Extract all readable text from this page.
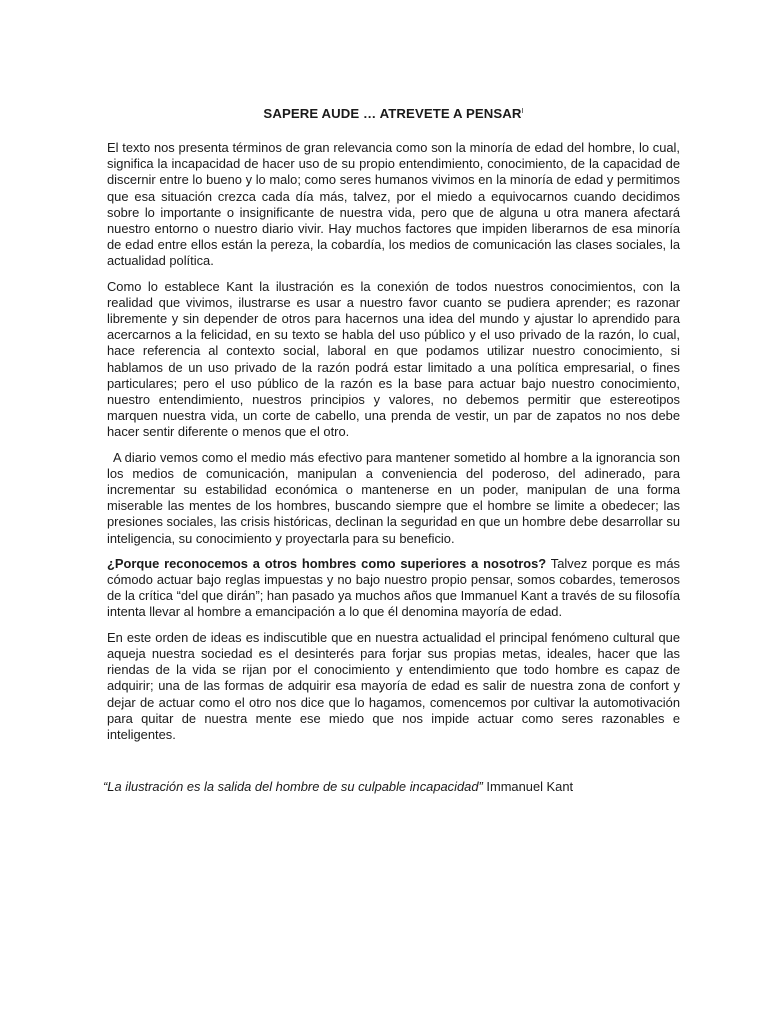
SAPERE AUDE … ATREVETE A $PENSAR^I$

El texto nos presenta términos de gran relevancia como son la minoría de edad del hombre, lo cual, significa la incapacidad de hacer uso de su propio entendimiento, conocimiento, de la capacidad de discernir entre lo bueno y lo malo; como seres humanos vivimos en la minoría de edad y permitimos que esa situación crezca cada día más, talvez, por el miedo a equivocarnos cuando decidimos sobre lo importante o insignificante de nuestra vida, pero que de alguna u otra manera afectará nuestro entorno o nuestro diario vivir. Hay muchos factores que impiden liberarnos de esa minoría de edad entre ellos están la pereza, la cobardía, los medios de comunicación las clases sociales, la actualidad política.

Como lo establece Kant la ilustración es la conexión de todos nuestros conocimientos, con la realidad que vivimos, ilustrarse es usar a nuestro favor cuanto se pudiera aprender; es razonar libremente y sin depender de otros para hacernos una idea del mundo y ajustar lo aprendido para acercarnos a la felicidad, en su texto se habla del uso público y el uso privado de la razón, lo cual, hace referencia al contexto social, laboral en que podamos utilizar nuestro conocimiento, si hablamos de un uso privado de la razón podrá estar limitado a una política empresarial, o fines particulares; pero el uso público de la razón es la base para actuar bajo nuestro conocimiento, nuestro entendimiento, nuestros principios y valores, no debemos permitir que estereotipos marquen nuestra vida, un corte de cabello, una prenda de vestir, un par de zapatos no nos debe hacer sentir diferente o menos que el otro.

A diario vemos como el medio más efectivo para mantener sometido al hombre a la ignorancia son los medios de comunicación, manipulan a conveniencia del poderoso, del adinerado, para incrementar su estabilidad económica o mantenerse en un poder, manipulan de una forma miserable las mentes de los hombres, buscando siempre que el hombre se limite a obedecer; las presiones sociales, las crisis históricas, declinan la seguridad en que un hombre debe desarrollar su inteligencia, su conocimiento y proyectarla para su beneficio.

¿Porque reconocemos a otros hombres como superiores a nosotros? Talvez porque es más cómodo actuar bajo reglas impuestas y no bajo nuestro propio pensar, somos cobardes, temerosos de la crítica “del que dirán”; han pasado ya muchos años que Immanuel Kant a través de su filosofía intenta llevar al hombre a emancipación a lo que él denomina mayoría de edad.

En este orden de ideas es indiscutible que en nuestra actualidad el principal fenómeno cultural que aqueja nuestra sociedad es el desinterés para forjar sus propias metas, ideales, hacer que las riendas de la vida se rijan por el conocimiento y entendimiento que todo hombre es capaz de adquirir; una de las formas de adquirir esa mayoría de edad es salir de nuestra zona de confort y dejar de actuar como el otro nos dice que lo hagamos, comencemos por cultivar la automotivación para quitar de nuestra mente ese miedo que nos impide actuar como seres razonables e inteligentes.

“La ilustración es la salida del hombre de su culpable incapacidad” Immanuel Kant
